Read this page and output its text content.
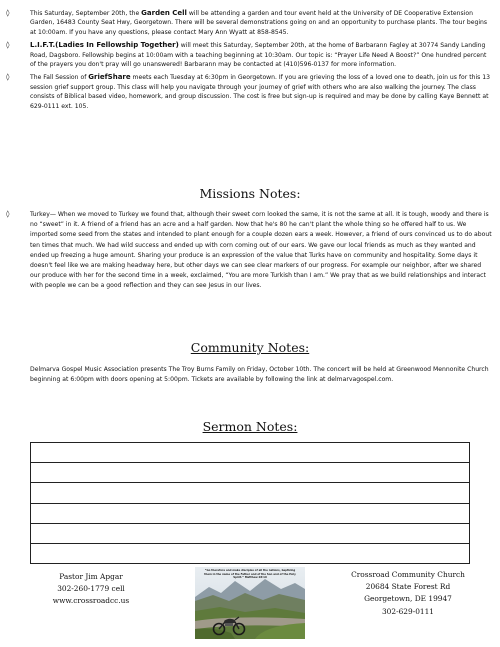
◊	This Saturday, September 20th, the Garden Cell will be attending a garden and tour event held at the University of DE Cooperative Extension Garden, 16483 County Seat Hwy, Georgetown. There will be several demonstrations going on and an opportunity to purchase plants. The tour begins at 10:00am. If you have any questions, please contact Mary Ann Wyatt at 858-8545.
◊	L.I.F.T.(Ladies In Fellowship Together) will meet this Saturday, September 20th, at the home of Barbarann Fagley at 30774 Sandy Landing Road, Dagsboro. Fellowship begins at 10:00am with a teaching beginning at 10:30am. Our topic is: “Prayer Life Need A Boost?” One hundred percent of the prayers you don't pray will go unanswered! Barbarann may be contacted at (410)596-0137 for more information.
◊	The Fall Session of GriefShare meets each Tuesday at 6:30pm in Georgetown. If you are grieving the loss of a loved one to death, join us for this 13 session grief support group. This class will help you navigate through your journey of grief with others who are also walking the journey. The class consists of Biblical based video, homework, and group discussion. The cost is free but sign-up is required and may be done by calling Kaye Bennett at 629-0111 ext. 105.
Missions Notes:
◊	Turkey— When we moved to Turkey we found that, although their sweet corn looked the same, it is not the same at all. It is tough, woody and there is no “sweet” in it. A friend of a friend has an acre and a half garden. Now that he's 80 he can't plant the whole thing so he offered half to us. We imported some seed from the states and intended to plant enough for a couple dozen ears a week. However, a friend of ours convinced us to do about ten times that much. We had wild success and ended up with corn coming out of our ears. We gave our local friends as much as they wanted and ended up freezing a huge amount. Sharing your produce is an expression of the value that Turks have on community and hospitality. Some days it doesn't feel like we are making headway here, but other days we can see clear markers of our progress. For example our neighbor, after we shared our produce with her for the second time in a week, exclaimed, “You are more Turkish than I am.” We pray that as we build relationships and interact with people we can be a good reflection and they can see Jesus in our lives.
Community Notes:
Delmarva Gospel Music Association presents The Troy Burns Family on Friday, October 10th. The concert will be held at Greenwood Mennonite Church beginning at 6:00pm with doors opening at 5:00pm. Tickets are available by following the link at delmarvagospel.com.
Sermon Notes:

Pastor Jim Apgar
302-260-1779 cell
www.crossroadcc.us
“Go therefore and make disciples of all the nations, baptizing them in the name of the Father and of the Son and of the Holy Spirit.” Matthew 28:19	Crossroad Community Church
20684 State Forest Rd
Georgetown, DE 19947
302-629-0111
